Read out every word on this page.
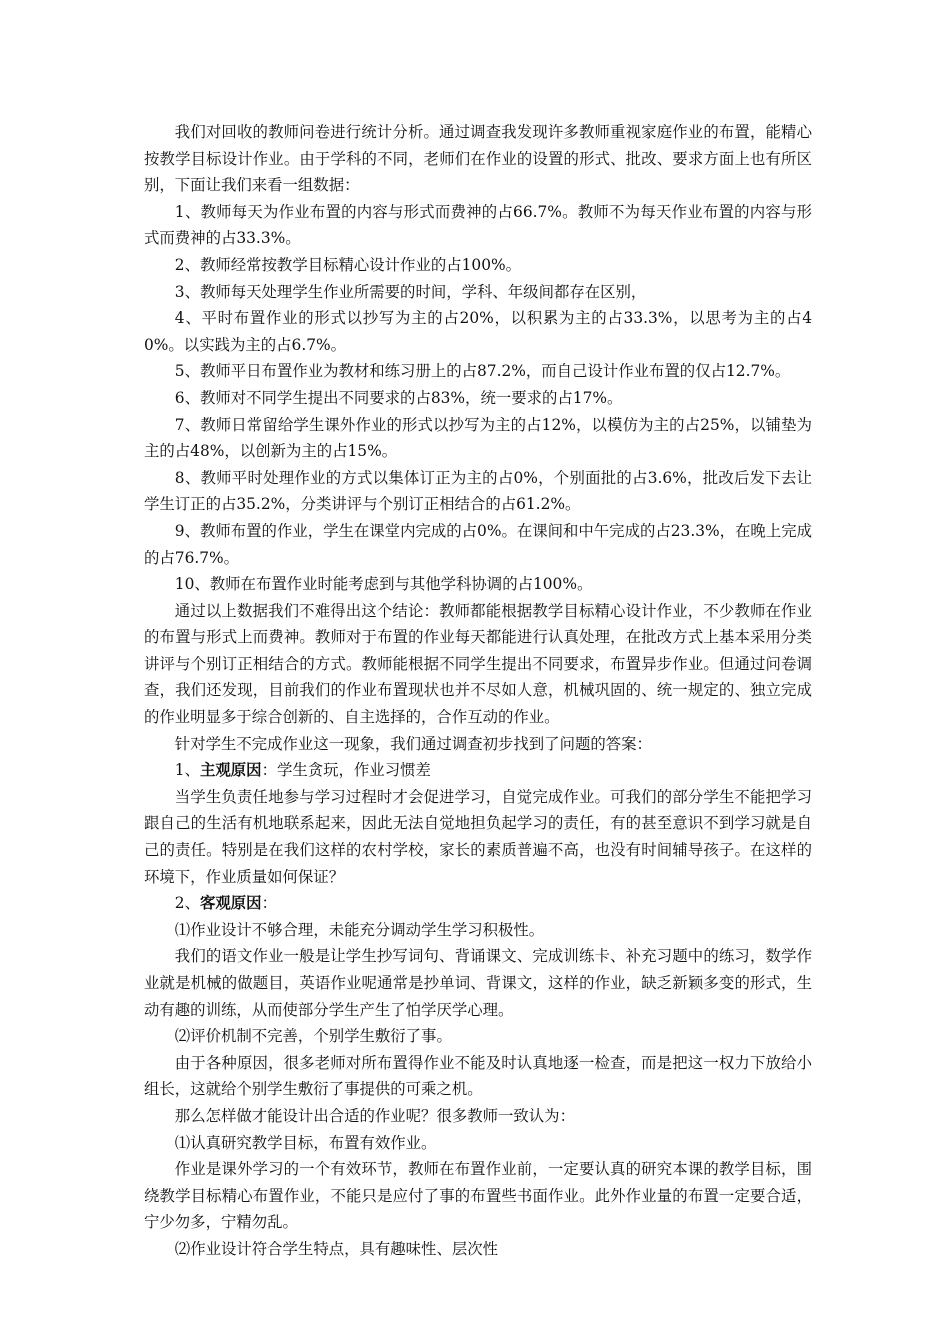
我们对回收的教师问卷进行统计分析。通过调查我发现许多教师重视家庭作业的布置，能精心按教学目标设计作业。由于学科的不同，老师们在作业的设置的形式、批改、要求方面上也有所区别，下面让我们来看一组数据：

1、教师每天为作业布置的内容与形式而费神的占66.7%。教师不为每天作业布置的内容与形式而费神的占33.3%。

2、教师经常按教学目标精心设计作业的占100%。

3、教师每天处理学生作业所需要的时间，学科、年级间都存在区别，

4、平时布置作业的形式以抄写为主的占20%，以积累为主的占33.3%，以思考为主的占40%。以实践为主的占6.7%。

5、教师平日布置作业为教材和练习册上的占87.2%，而自己设计作业布置的仅占12.7%。

6、教师对不同学生提出不同要求的占83%，统一要求的占17%。

7、教师日常留给学生课外作业的形式以抄写为主的占12%，以模仿为主的占25%，以铺垫为主的占48%，以创新为主的占15%。

8、教师平时处理作业的方式以集体订正为主的占0%，个别面批的占3.6%，批改后发下去让学生订正的占35.2%，分类讲评与个别订正相结合的占61.2%。

9、教师布置的作业，学生在课堂内完成的占0%。在课间和中午完成的占23.3%，在晚上完成的占76.7%。

10、教师在布置作业时能考虑到与其他学科协调的占100%。

通过以上数据我们不难得出这个结论：教师都能根据教学目标精心设计作业，不少教师在作业的布置与形式上而费神。教师对于布置的作业每天都能进行认真处理，在批改方式上基本采用分类讲评与个别订正相结合的方式。教师能根据不同学生提出不同要求，布置异步作业。但通过问卷调查，我们还发现，目前我们的作业布置现状也并不尽如人意，机械巩固的、统一规定的、独立完成的作业明显多于综合创新的、自主选择的，合作互动的作业。

针对学生不完成作业这一现象，我们通过调查初步找到了问题的答案：

1、主观原因：学生贪玩，作业习惯差

当学生负责任地参与学习过程时才会促进学习，自觉完成作业。可我们的部分学生不能把学习跟自己的生活有机地联系起来，因此无法自觉地担负起学习的责任，有的甚至意识不到学习就是自己的责任。特别是在我们这样的农村学校，家长的素质普遍不高，也没有时间辅导孩子。在这样的环境下，作业质量如何保证？

2、客观原因：

⑴作业设计不够合理，未能充分调动学生学习积极性。

我们的语文作业一般是让学生抄写词句、背诵课文、完成训练卡、补充习题中的练习，数学作业就是机械的做题目，英语作业呢通常是抄单词、背课文，这样的作业，缺乏新颖多变的形式，生动有趣的训练，从而使部分学生产生了怕学厌学心理。

⑵评价机制不完善，个别学生敷衍了事。

由于各种原因，很多老师对所布置得作业不能及时认真地逐一检查，而是把这一权力下放给小组长，这就给个别学生敷衍了事提供的可乘之机。

那么怎样做才能设计出合适的作业呢？很多教师一致认为：

⑴认真研究教学目标，布置有效作业。

作业是课外学习的一个有效环节，教师在布置作业前，一定要认真的研究本课的教学目标，围绕教学目标精心布置作业，不能只是应付了事的布置些书面作业。此外作业量的布置一定要合适，宁少勿多，宁精勿乱。

⑵作业设计符合学生特点，具有趣味性、层次性
